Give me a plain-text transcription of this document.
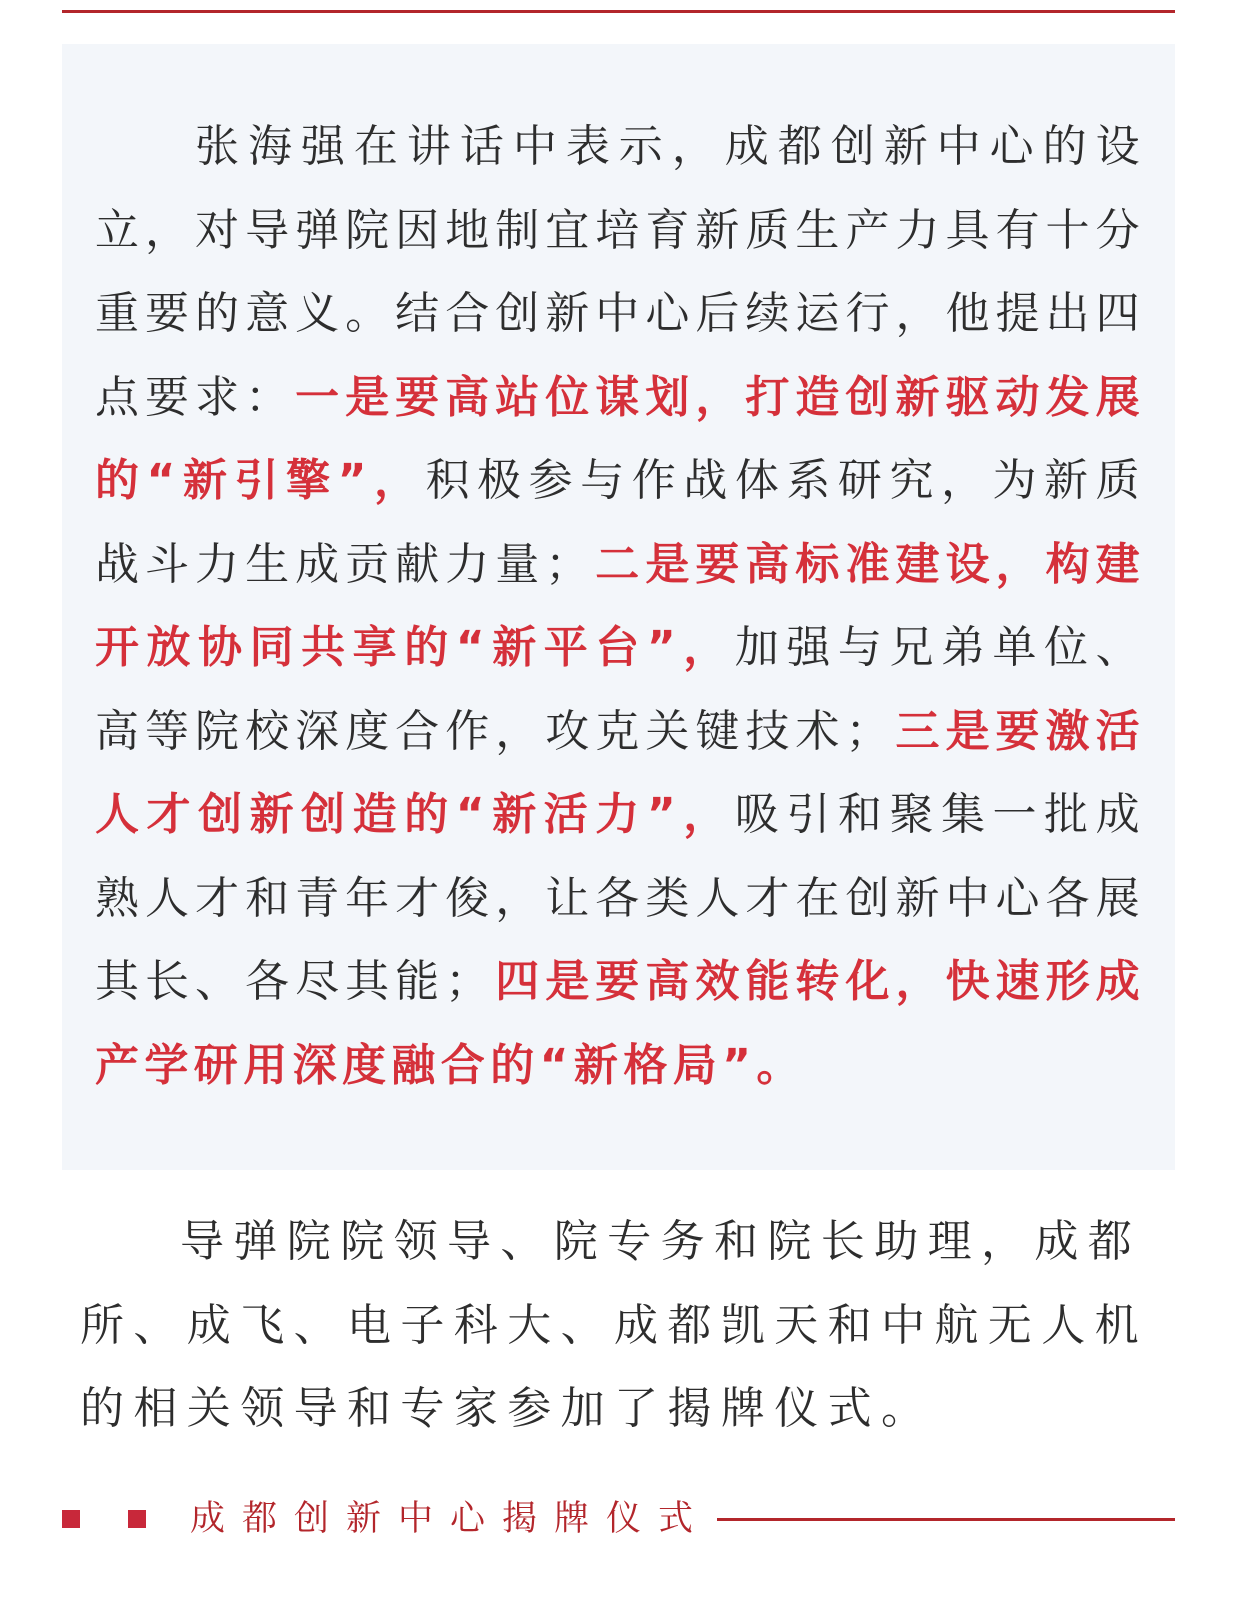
张海强在讲话中表示，成都创新中心的设立，对导弹院因地制宜培育新质生产力具有十分重要的意义。结合创新中心后续运行，他提出四点要求：一是要高站位谋划，打造创新驱动发展的“新引擎”，积极参与作战体系研究，为新质战斗力生成贡献力量；二是要高标准建设，构建开放协同共享的“新平台”，加强与兄弟单位、高等院校深度合作，攻克关键技术；三是要激活人才创新创造的“新活力”，吸引和聚集一批成熟人才和青年才俊，让各类人才在创新中心各展其长、各尽其能；四是要高效能转化，快速形成产学研用深度融合的“新格局”。

导弹院院领导、院专务和院长助理，成都所、成飞、电子科大、成都凯天和中航无人机的相关领导和专家参加了揭牌仪式。

成都创新中心揭牌仪式
